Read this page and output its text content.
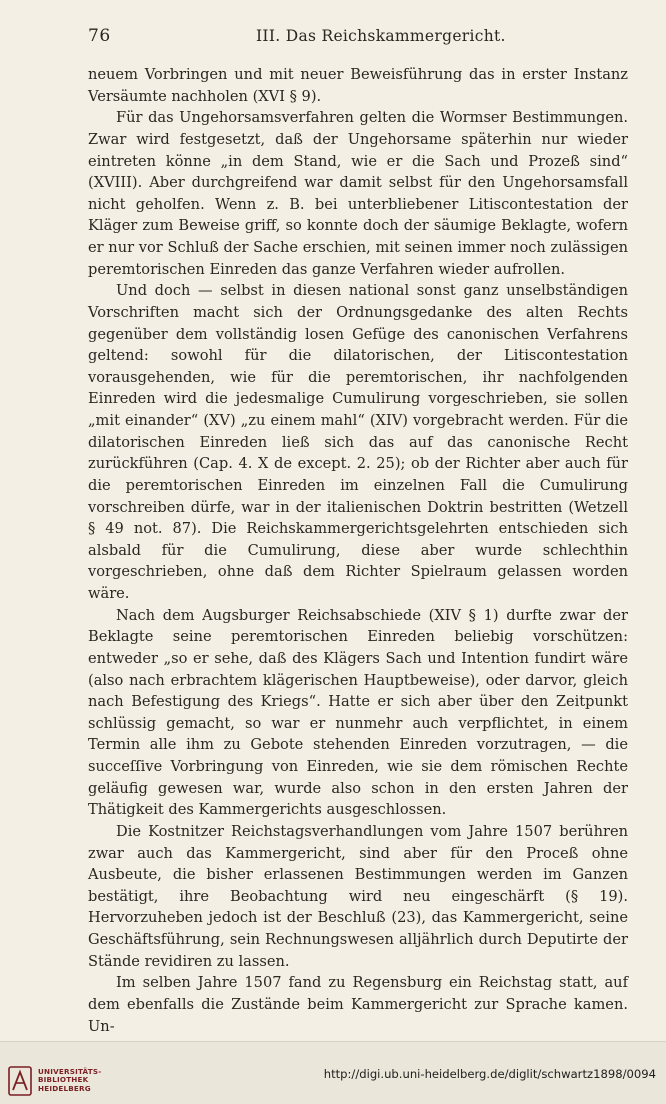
76	III. Das Reichskammergericht.

neuem Vorbringen und mit neuer Beweisführung das in erster Instanz Versäumte nachholen (XVI § 9).

Für das Ungehorsamsverfahren gelten die Wormser Bestimmungen. Zwar wird festgesetzt, daß der Ungehorsame späterhin nur wieder eintreten könne „in dem Stand, wie er die Sach und Prozeß sind“ (XVIII). Aber durchgreifend war damit selbst für den Ungehorsamsfall nicht geholfen. Wenn z. B. bei unterbliebener Litiscontestation der Kläger zum Beweise griff, so konnte doch der säumige Beklagte, wofern er nur vor Schluß der Sache erschien, mit seinen immer noch zulässigen peremtorischen Einreden das ganze Verfahren wieder aufrollen.

Und doch — selbst in diesen national sonst ganz unselbständigen Vorschriften macht sich der Ordnungsgedanke des alten Rechts gegenüber dem vollständig losen Gefüge des canonischen Verfahrens geltend: sowohl für die dilatorischen, der Litiscontestation vorausgehenden, wie für die peremtorischen, ihr nachfolgenden Einreden wird die jedesmalige Cumulirung vorgeschrieben, sie sollen „mit einander“ (XV) „zu einem mahl“ (XIV) vorgebracht werden. Für die dilatorischen Einreden ließ sich das auf das canonische Recht zurückführen (Cap. 4. X de except. 2. 25); ob der Richter aber auch für die peremtorischen Einreden im einzelnen Fall die Cumulirung vorschreiben dürfe, war in der italienischen Doktrin bestritten (Wetzell § 49 not. 87). Die Reichskammergerichtsgelehrten entschieden sich alsbald für die Cumulirung, diese aber wurde schlechthin vorgeschrieben, ohne daß dem Richter Spielraum gelassen worden wäre.

Nach dem Augsburger Reichsabschiede (XIV § 1) durfte zwar der Beklagte seine peremtorischen Einreden beliebig vorschützen: entweder „so er sehe, daß des Klägers Sach und Intention fundirt wäre (also nach erbrachtem klägerischen Hauptbeweise), oder darvor, gleich nach Befestigung des Kriegs“. Hatte er sich aber über den Zeitpunkt schlüssig gemacht, so war er nunmehr auch verpflichtet, in einem Termin alle ihm zu Gebote stehenden Einreden vorzutragen, — die succeſſive Vorbringung von Einreden, wie sie dem römischen Rechte geläufig gewesen war, wurde also schon in den ersten Jahren der Thätigkeit des Kammergerichts ausgeschlossen.

Die Kostnitzer Reichstagsverhandlungen vom Jahre 1507 berühren zwar auch das Kammergericht, sind aber für den Proceß ohne Ausbeute, die bisher erlassenen Bestimmungen werden im Ganzen bestätigt, ihre Beobachtung wird neu eingeschärft (§ 19). Hervorzuheben jedoch ist der Beschluß (23), das Kammergericht, seine Geschäftsführung, sein Rechnungswesen alljährlich durch Deputirte der Stände revidiren zu lassen.

Im selben Jahre 1507 fand zu Regensburg ein Reichstag statt, auf dem ebenfalls die Zustände beim Kammergericht zur Sprache kamen. Un-

UNIVERSITÄTS-
BIBLIOTHEK
HEIDELBERG
http://digi.ub.uni-heidelberg.de/diglit/schwartz1898/0094
